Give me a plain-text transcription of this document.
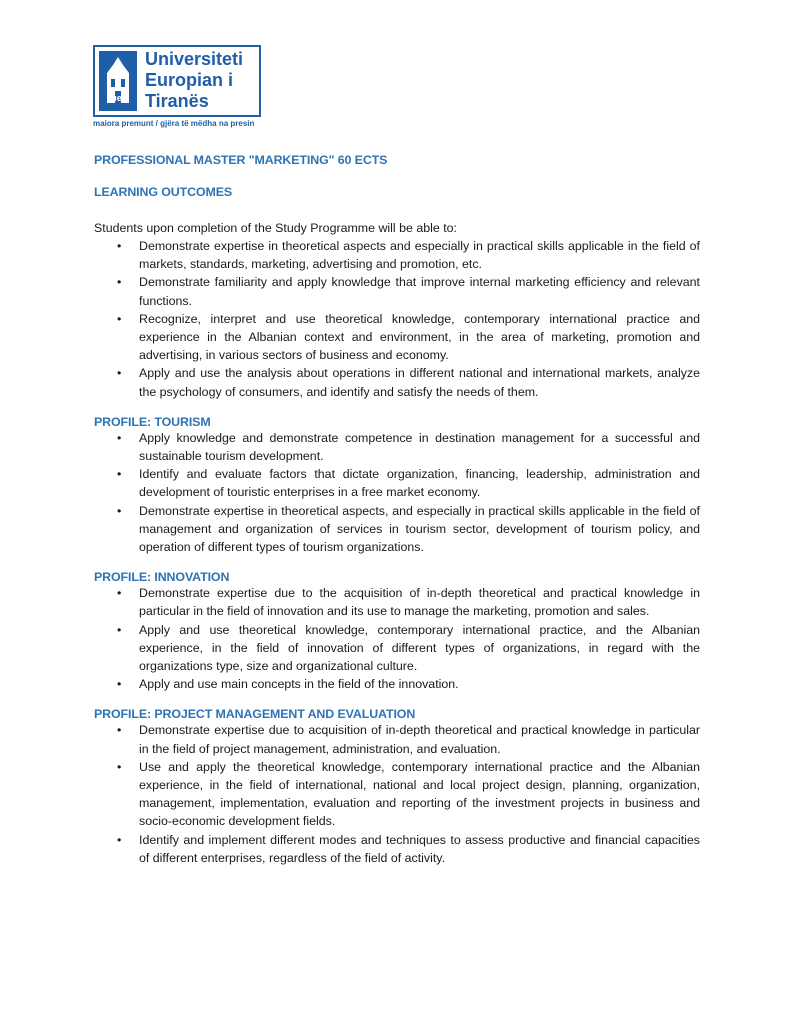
uet
Universiteti
Europian i
Tiranës
maiora premunt / gjëra të mëdha na presin

PROFESSIONAL MASTER "MARKETING" 60 ECTS

LEARNING OUTCOMES

Students upon completion of the Study Programme will be able to:

• Demonstrate expertise in theoretical aspects and especially in practical skills applicable in the field of markets, standards, marketing, advertising and promotion, etc.
• Demonstrate familiarity and apply knowledge that improve internal marketing efficiency and relevant functions.
• Recognize, interpret and use theoretical knowledge, contemporary international practice and experience in the Albanian context and environment, in the area of marketing, promotion and advertising, in various sectors of business and economy.
• Apply and use the analysis about operations in different national and international markets, analyze the psychology of consumers, and identify and satisfy the needs of them.

PROFILE: TOURISM

• Apply knowledge and demonstrate competence in destination management for a successful and sustainable tourism development.
• Identify and evaluate factors that dictate organization, financing, leadership, administration and development of touristic enterprises in a free market economy.
• Demonstrate expertise in theoretical aspects, and especially in practical skills applicable in the field of management and organization of services in tourism sector, development of tourism policy, and operation of different types of tourism organizations.

PROFILE: INNOVATION

• Demonstrate expertise due to the acquisition of in-depth theoretical and practical knowledge in particular in the field of innovation and its use to manage the marketing, promotion and sales.
• Apply and use theoretical knowledge, contemporary international practice, and the Albanian experience, in the field of innovation of different types of organizations, in regard with the organizations type, size and organizational culture.
• Apply and use main concepts in the field of the innovation.

PROFILE: PROJECT MANAGEMENT AND EVALUATION

• Demonstrate expertise due to acquisition of in-depth theoretical and practical knowledge in particular in the field of project management, administration, and evaluation.
• Use and apply the theoretical knowledge, contemporary international practice and the Albanian experience, in the field of international, national and local project design, planning, organization, management, implementation, evaluation and reporting of the investment projects in business and socio-economic development fields.
• Identify and implement different modes and techniques to assess productive and financial capacities of different enterprises, regardless of the field of activity.
